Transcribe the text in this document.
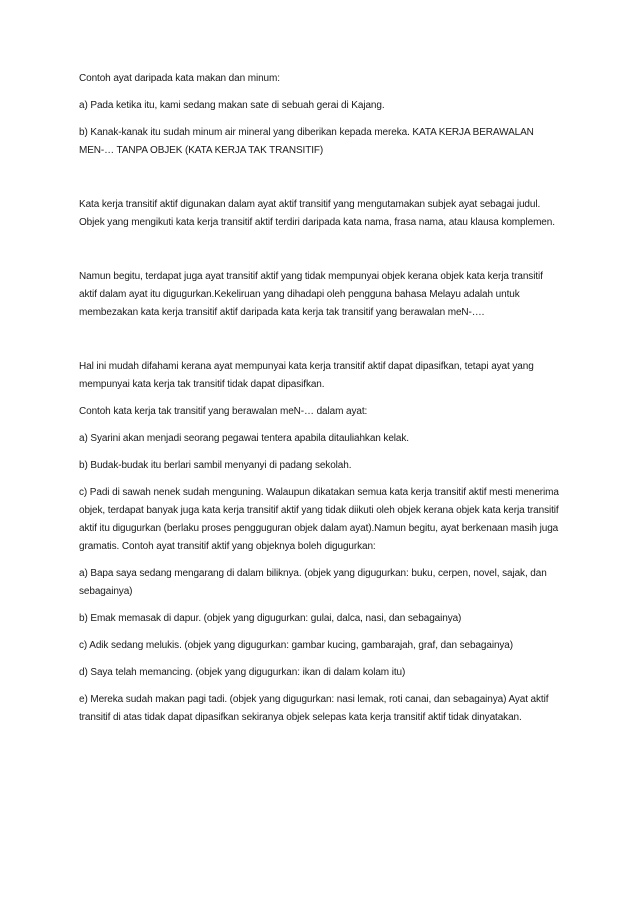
Contoh ayat daripada kata makan dan minum:

a) Pada ketika itu, kami sedang makan sate di sebuah gerai di Kajang.

b) Kanak-kanak itu sudah minum air mineral yang diberikan kepada mereka. KATA KERJA BERAWALAN MEN-… TANPA OBJEK (KATA KERJA TAK TRANSITIF)

Kata kerja transitif aktif digunakan dalam ayat aktif transitif yang mengutamakan subjek ayat sebagai judul. Objek yang mengikuti kata kerja transitif aktif terdiri daripada kata nama, frasa nama, atau klausa komplemen.

Namun begitu, terdapat juga ayat transitif aktif yang tidak mempunyai objek kerana objek kata kerja transitif aktif dalam ayat itu digugurkan.Kekeliruan yang dihadapi oleh pengguna bahasa Melayu adalah untuk membezakan kata kerja transitif aktif daripada kata kerja tak transitif yang berawalan meN-….

Hal ini mudah difahami kerana ayat mempunyai kata kerja transitif aktif dapat dipasifkan, tetapi ayat yang mempunyai kata kerja tak transitif tidak dapat dipasifkan.

Contoh kata kerja tak transitif yang berawalan meN-… dalam ayat:

a) Syarini akan menjadi seorang pegawai tentera apabila ditauliahkan kelak.

b) Budak-budak itu berlari sambil menyanyi di padang sekolah.

c) Padi di sawah nenek sudah menguning. Walaupun dikatakan semua kata kerja transitif aktif mesti menerima objek, terdapat banyak juga kata kerja transitif aktif yang tidak diikuti oleh objek kerana objek kata kerja transitif aktif itu digugurkan (berlaku proses pengguguran objek dalam ayat).Namun begitu, ayat berkenaan masih juga gramatis. Contoh ayat transitif aktif yang objeknya boleh digugurkan:

a) Bapa saya sedang mengarang di dalam biliknya. (objek yang digugurkan: buku, cerpen, novel, sajak, dan sebagainya)

b) Emak memasak di dapur. (objek yang digugurkan: gulai, dalca, nasi, dan sebagainya)

c) Adik sedang melukis. (objek yang digugurkan: gambar kucing, gambarajah, graf, dan sebagainya)

d) Saya telah memancing. (objek yang digugurkan: ikan di dalam kolam itu)

e) Mereka sudah makan pagi tadi. (objek yang digugurkan: nasi lemak, roti canai, dan sebagainya) Ayat aktif transitif di atas tidak dapat dipasifkan sekiranya objek selepas kata kerja transitif aktif tidak dinyatakan.
